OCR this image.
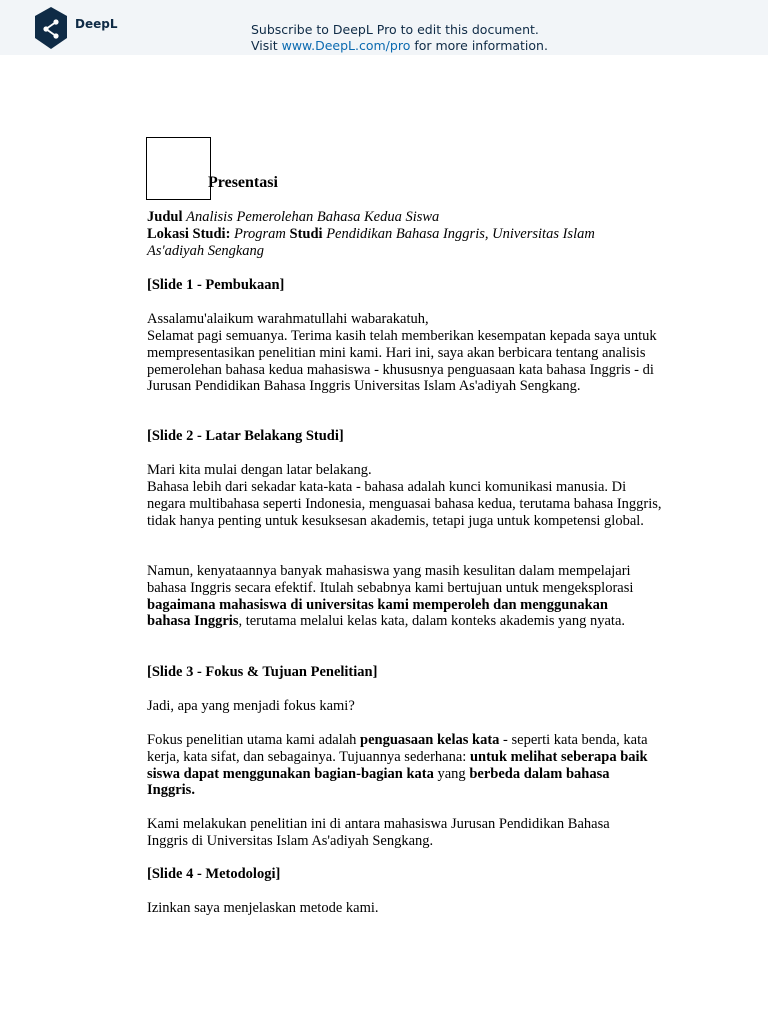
DeepL	Subscribe to DeepL Pro to edit this document.
Visit www.DeepL.com/pro for more information.
Presentasi
Judul Analisis Pemerolehan Bahasa Kedua Siswa
Lokasi Studi: Program Studi Pendidikan Bahasa Inggris, Universitas Islam
As'adiyah Sengkang
[Slide 1 - Pembukaan]
Assalamu'alaikum warahmatullahi wabarakatuh,
Selamat pagi semuanya. Terima kasih telah memberikan kesempatan kepada saya untuk mempresentasikan penelitian mini kami. Hari ini, saya akan berbicara tentang analisis pemerolehan bahasa kedua mahasiswa - khususnya penguasaan kata bahasa Inggris - di Jurusan Pendidikan Bahasa Inggris Universitas Islam As'adiyah Sengkang.
[Slide 2 - Latar Belakang Studi]
Mari kita mulai dengan latar belakang.
Bahasa lebih dari sekadar kata-kata - bahasa adalah kunci komunikasi manusia. Di negara multibahasa seperti Indonesia, menguasai bahasa kedua, terutama bahasa Inggris, tidak hanya penting untuk kesuksesan akademis, tetapi juga untuk kompetensi global.
Namun, kenyataannya banyak mahasiswa yang masih kesulitan dalam mempelajari bahasa Inggris secara efektif. Itulah sebabnya kami bertujuan untuk mengeksplorasi bagaimana mahasiswa di universitas kami memperoleh dan menggunakan bahasa Inggris, terutama melalui kelas kata, dalam konteks akademis yang nyata.
[Slide 3 - Fokus & Tujuan Penelitian]
Jadi, apa yang menjadi fokus kami?
Fokus penelitian utama kami adalah penguasaan kelas kata - seperti kata benda, kata kerja, kata sifat, dan sebagainya. Tujuannya sederhana: untuk melihat seberapa baik siswa dapat menggunakan bagian-bagian kata yang berbeda dalam bahasa Inggris.
Kami melakukan penelitian ini di antara mahasiswa Jurusan Pendidikan Bahasa Inggris di Universitas Islam As'adiyah Sengkang.
[Slide 4 - Metodologi]
Izinkan saya menjelaskan metode kami.
